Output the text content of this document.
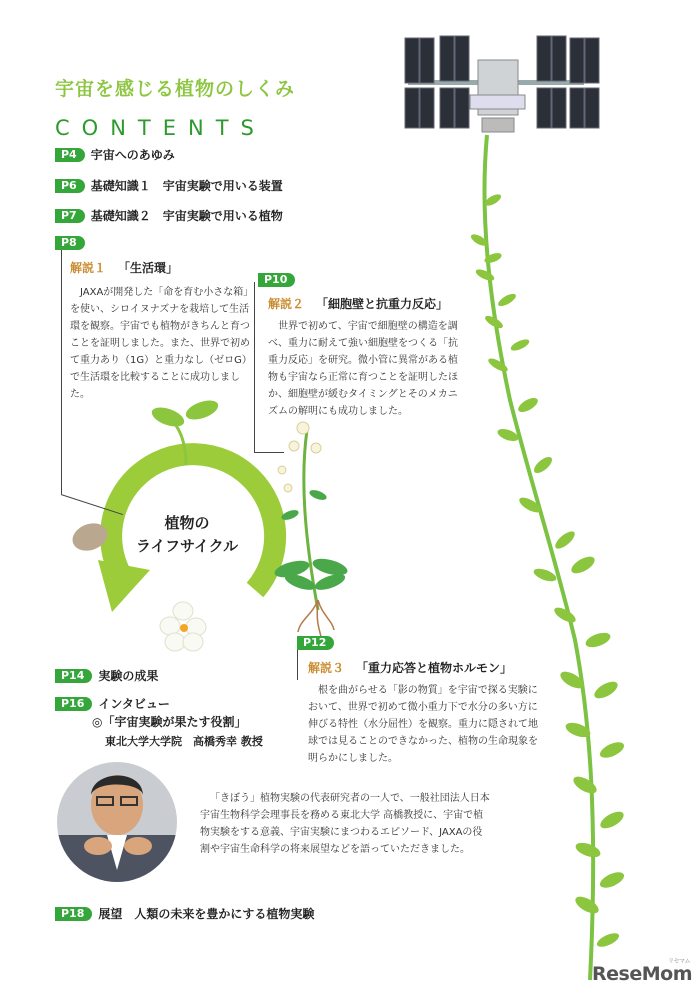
宇宙を感じる植物のしくみ
CONTENTS
P4	宇宙へのあゆみ
P6	基礎知識１　宇宙実験で用いる装置
P7	基礎知識２　宇宙実験で用いる植物
P8
解説１ 「生活環」
JAXAが開発した「命を育む小さな箱」を使い、シロイヌナズナを栽培して生活環を観察。宇宙でも植物がきちんと育つことを証明しました。また、世界で初めて重力あり（1G）と重力なし（ゼロG）で生活環を比較することに成功しました。
P10
解説２ 「細胞壁と抗重力反応」
世界で初めて、宇宙で細胞壁の構造を調べ、重力に耐えて強い細胞壁をつくる「抗重力反応」を研究。微小管に異常がある植物も宇宙なら正常に育つことを証明したほか、細胞壁が緩むタイミングとそのメカニズムの解明にも成功しました。
植物の
ライフサイクル
P12
解説３ 「重力応答と植物ホルモン」
根を曲がらせる「影の物質」を宇宙で探る実験において、世界で初めて微小重力下で水分の多い方に伸びる特性（水分屈性）を観察。重力に隠されて地球では見ることのできなかった、植物の生命現象を明らかにしました。
P14	実験の成果
P16	インタビュー
◎「宇宙実験が果たす役割」
東北大学大学院　高橋秀幸 教授
「きぼう」植物実験の代表研究者の一人で、一般社団法人日本宇宙生物科学会理事長を務める東北大学 高橋教授に、宇宙で植物実験をする意義、宇宙実験にまつわるエピソード、JAXAの役割や宇宙生命科学の将来展望などを語っていただきました。
P18	展望　人類の未来を豊かにする植物実験
リセマム
ReseMom
